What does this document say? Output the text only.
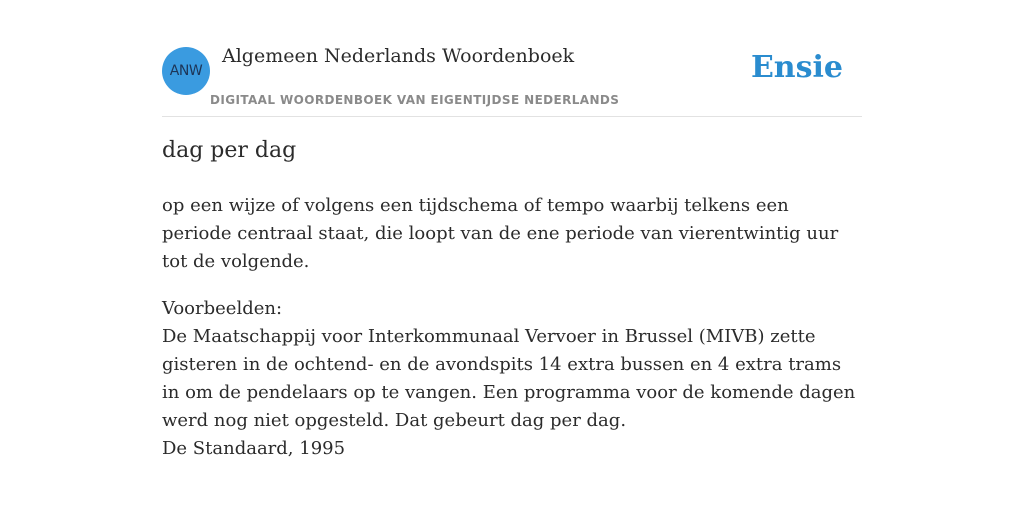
ANW
Algemeen Nederlands Woordenboek
DIGITAAL WOORDENBOEK VAN EIGENTIJDSE NEDERLANDS
Ensie
dag per dag

op een wijze of volgens een tijdschema of tempo waarbij telkens een periode centraal staat, die loopt van de ene periode van vierentwintig uur tot de volgende.

Voorbeelden:
De Maatschappij voor Interkommunaal Vervoer in Brussel (MIVB) zette gisteren in de ochtend- en de avondspits 14 extra bussen en 4 extra trams in om de pendelaars op te vangen. Een programma voor de komende dagen werd nog niet opgesteld. Dat gebeurt dag per dag.
De Standaard, 1995
